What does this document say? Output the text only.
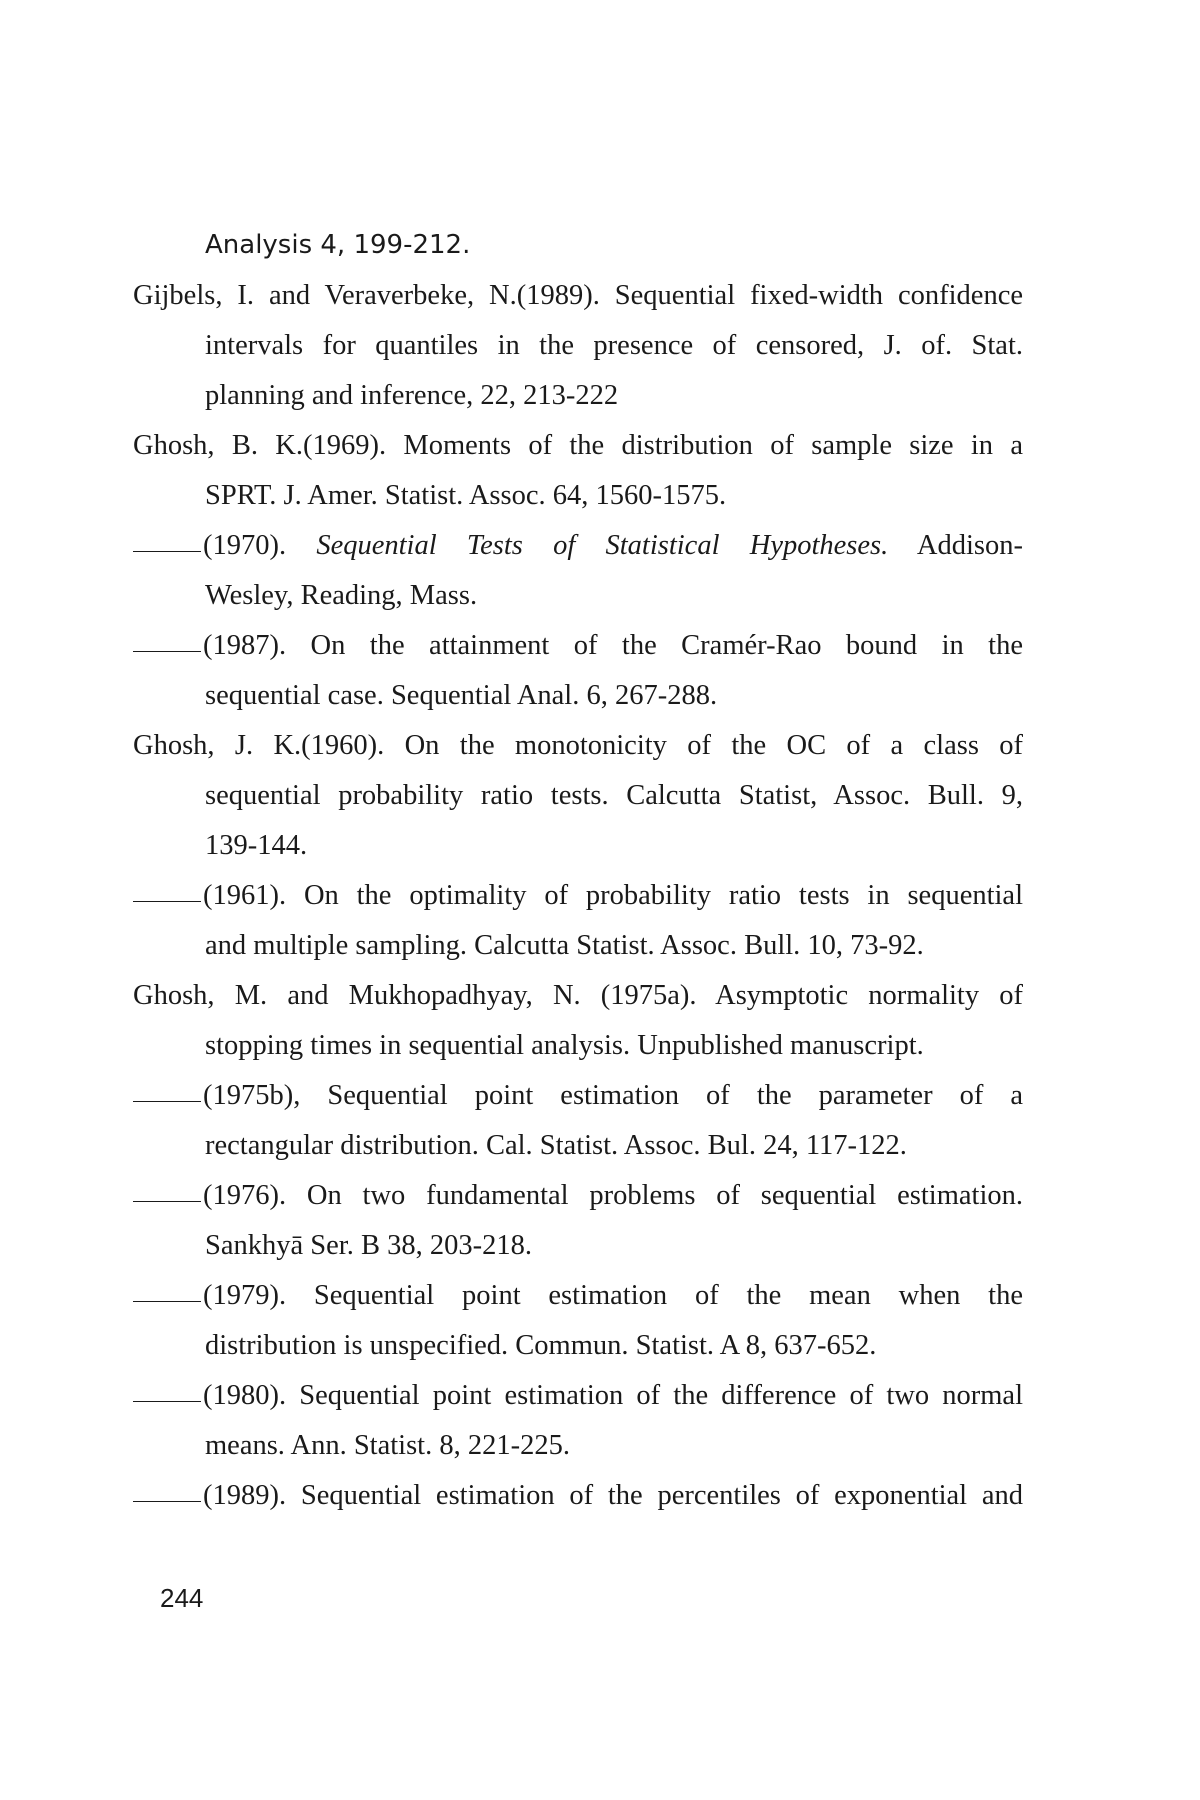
Analysis 4, 199-212.
Gijbels, I. and Veraverbeke, N.(1989). Sequential fixed-width confidence
intervals for quantiles in the presence of censored, J. of. Stat.
planning and inference, 22, 213-222
Ghosh, B. K.(1969). Moments of the distribution of sample size in a
SPRT. J. Amer. Statist. Assoc. 64, 1560-1575.
(1970). Sequential Tests of Statistical Hypotheses. Addison-
Wesley, Reading, Mass.
(1987). On the attainment of the Cramér-Rao bound in the
sequential case. Sequential Anal. 6, 267-288.
Ghosh, J. K.(1960). On the monotonicity of the OC of a class of
sequential probability ratio tests. Calcutta Statist, Assoc. Bull. 9,
139-144.
(1961). On the optimality of probability ratio tests in sequential
and multiple sampling. Calcutta Statist. Assoc. Bull. 10, 73-92.
Ghosh, M. and Mukhopadhyay, N. (1975a). Asymptotic normality of
stopping times in sequential analysis. Unpublished manuscript.
(1975b), Sequential point estimation of the parameter of a
rectangular distribution. Cal. Statist. Assoc. Bul. 24, 117-122.
(1976). On two fundamental problems of sequential estimation.
Sankhyā Ser. B 38, 203-218.
(1979). Sequential point estimation of the mean when the
distribution is unspecified. Commun. Statist. A 8, 637-652.
(1980). Sequential point estimation of the difference of two normal
means. Ann. Statist. 8, 221-225.
(1989). Sequential estimation of the percentiles of exponential and
244
